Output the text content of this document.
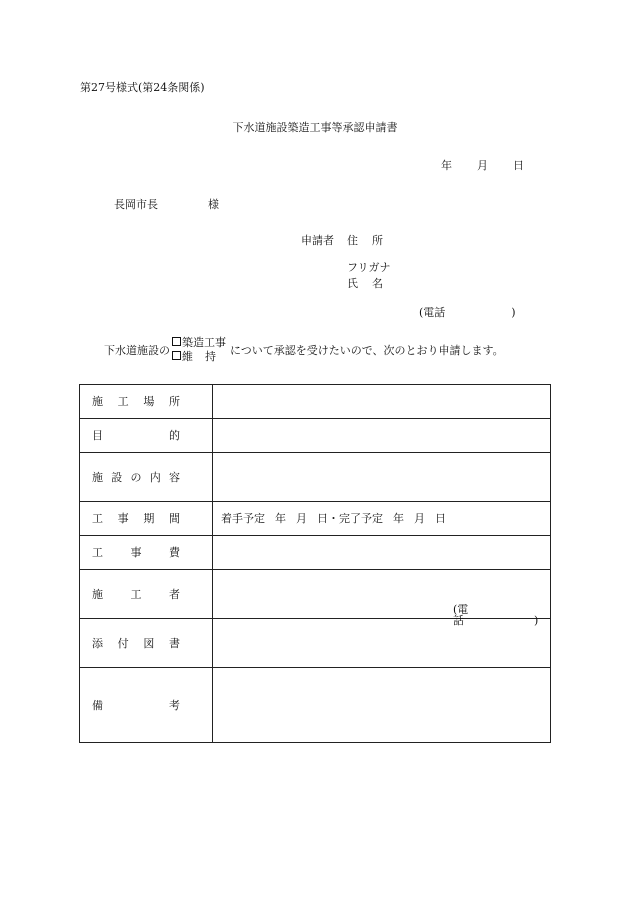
第27号様式(第24条関係)
下水道施設築造工事等承認申請書
年 月 日
長岡市長	様
申請者 住所
フリガナ
氏名
(電話	)
下水道施設の
築造工事
維持	について承認を受けたいので、次のとおり申請します。
施 工 場 所	

目 的	

施 設 の 内 容	

工 事 期 間	着手予定 年 月 日・完了予定 年 月 日

工 事 費	

施 工 者	(電話 )

添 付 図 書	

備 考	
